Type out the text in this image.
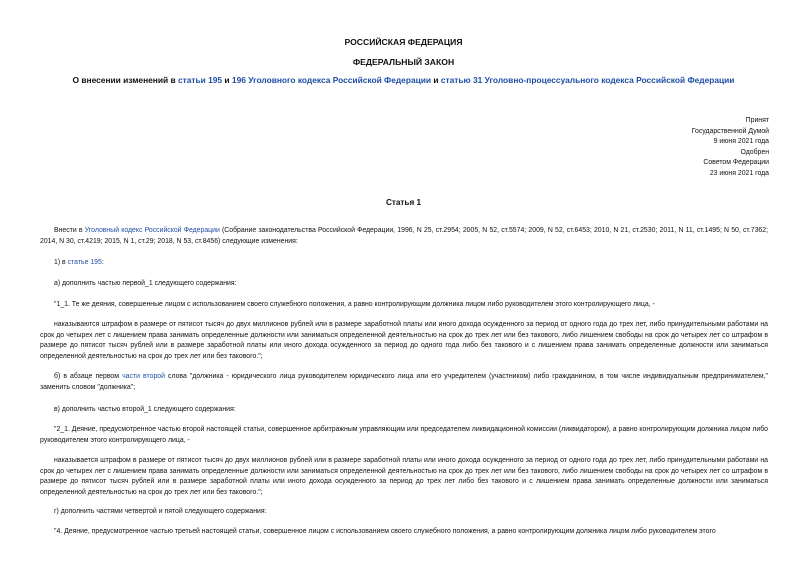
РОССИЙСКАЯ ФЕДЕРАЦИЯ
ФЕДЕРАЛЬНЫЙ ЗАКОН
О внесении изменений в статьи 195 и 196 Уголовного кодекса Российской Федерации и статью 31 Уголовно-процессуального кодекса Российской Федерации
Принят
Государственной Думой
9 июня 2021 года
Одобрен
Советом Федерации
23 июня 2021 года
Статья 1
Внести в Уголовный кодекс Российской Федерации (Собрание законодательства Российской Федерации, 1996, N 25, ст.2954; 2005, N 52, ст.5574; 2009, N 52, ст.6453; 2010, N 21, ст.2530; 2011, N 11, ст.1495; N 50, ст.7362; 2014, N 30, ст.4219; 2015, N 1, ст.29; 2018, N 53, ст.8456) следующие изменения:
1) в статье 195:
а) дополнить частью первой_1 следующего содержания:
"1_1. Те же деяния, совершенные лицом с использованием своего служебного положения, а равно контролирующим должника лицом либо руководителем этого контролирующего лица, -
наказываются штрафом в размере от пятисот тысяч до двух миллионов рублей или в размере заработной платы или иного дохода осужденного за период от одного года до трех лет, либо принудительными работами на срок до четырех лет с лишением права занимать определенные должности или заниматься определенной деятельностью на срок до трех лет или без такового, либо лишением свободы на срок до четырех лет со штрафом в размере до пятисот тысяч рублей или в размере заработной платы или иного дохода осужденного за период до одного года либо без такового и с лишением права занимать определенные должности или заниматься определенной деятельностью на срок до трех лет или без такового.";
б) в абзаце первом части второй слова "должника - юридического лица руководителем юридического лица или его учредителем (участником) либо гражданином, в том числе индивидуальным предпринимателем," заменить словом "должника";
в) дополнить частью второй_1 следующего содержания:
"2_1. Деяние, предусмотренное частью второй настоящей статьи, совершенное арбитражным управляющим или председателем ликвидационной комиссии (ликвидатором), а равно контролирующим должника лицом либо руководителем этого контролирующего лица, -
наказывается штрафом в размере от пятисот тысяч до двух миллионов рублей или в размере заработной платы или иного дохода осужденного за период от одного года до трех лет, либо принудительными работами на срок до четырех лет с лишением права занимать определенные должности или заниматься определенной деятельностью на срок до трех лет или без такового, либо лишением свободы на срок до четырех лет со штрафом в размере до пятисот тысяч рублей или в размере заработной платы или иного дохода осужденного за период до трех лет либо без такового и с лишением права занимать определенные должности или заниматься определенной деятельностью на срок до трех лет или без такового.";
г) дополнить частями четвертой и пятой следующего содержания:
"4. Деяние, предусмотренное частью третьей настоящей статьи, совершенное лицом с использованием своего служебного положения, а равно контролирующим должника лицом либо руководителем этого
